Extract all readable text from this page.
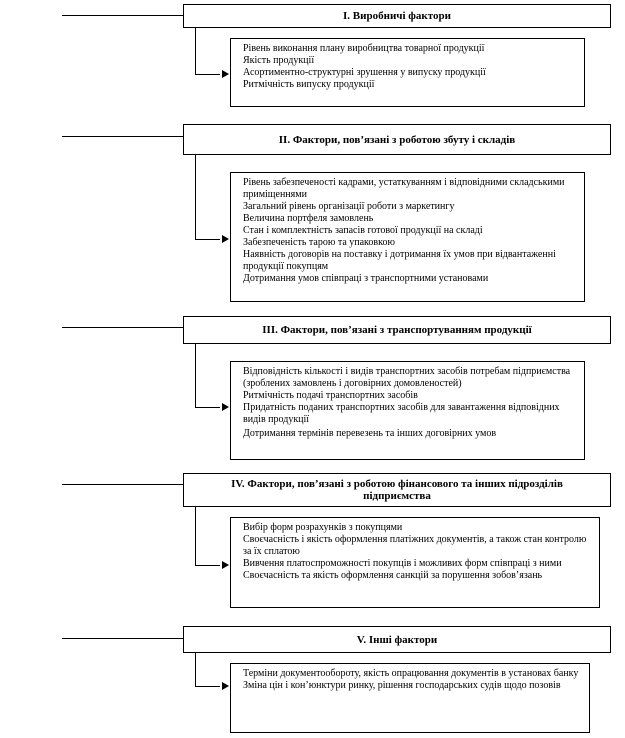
I. Виробничі фактори
Рівень виконання плану виробництва товарної продукції
Якість продукції
Асортиментно-структурні зрушення у випуску продукції
Ритмічність випуску продукції
ІІ. Фактори, пов’язані з роботою збуту і складів
Рівень забезпеченості кадрами, устаткуванням і відповідними складськими приміщеннями
Загальний рівень організації роботи з маркетингу
Величина портфеля замовлень
Стан і комплектність запасів готової продукції на складі
Забезпеченість тарою та упаковкою
Наявність договорів на поставку і дотримання їх умов при відвантаженні продукції покупцям
Дотримання умов співпраці з транспортними установами
ІІІ. Фактори, пов’язані з транспортуванням продукції
Відповідність кількості і видів транспортних засобів потребам підприємства (зроблених замовлень і договірних домовленостей)
Ритмічність подачі транспортних засобів
Придатність поданих транспортних засобів для завантаження відповідних видів продукції
Дотримання термінів перевезень та інших договірних умов
ІV. Фактори, пов’язані з роботою фінансового та інших підрозділів підприємства
Вибір форм розрахунків з покупцями
Своєчасність і якість оформлення платіжних документів, а також стан контролю за їх сплатою
Вивчення платоспроможності покупців і можливих форм співпраці з ними
Своєчасність та якість оформлення санкцій за порушення зобов’язань
V. Інші фактори
Терміни документообороту, якість опрацювання документів в установах банку
Зміна цін і кон’юнктури ринку, рішення господарських судів щодо позовів
